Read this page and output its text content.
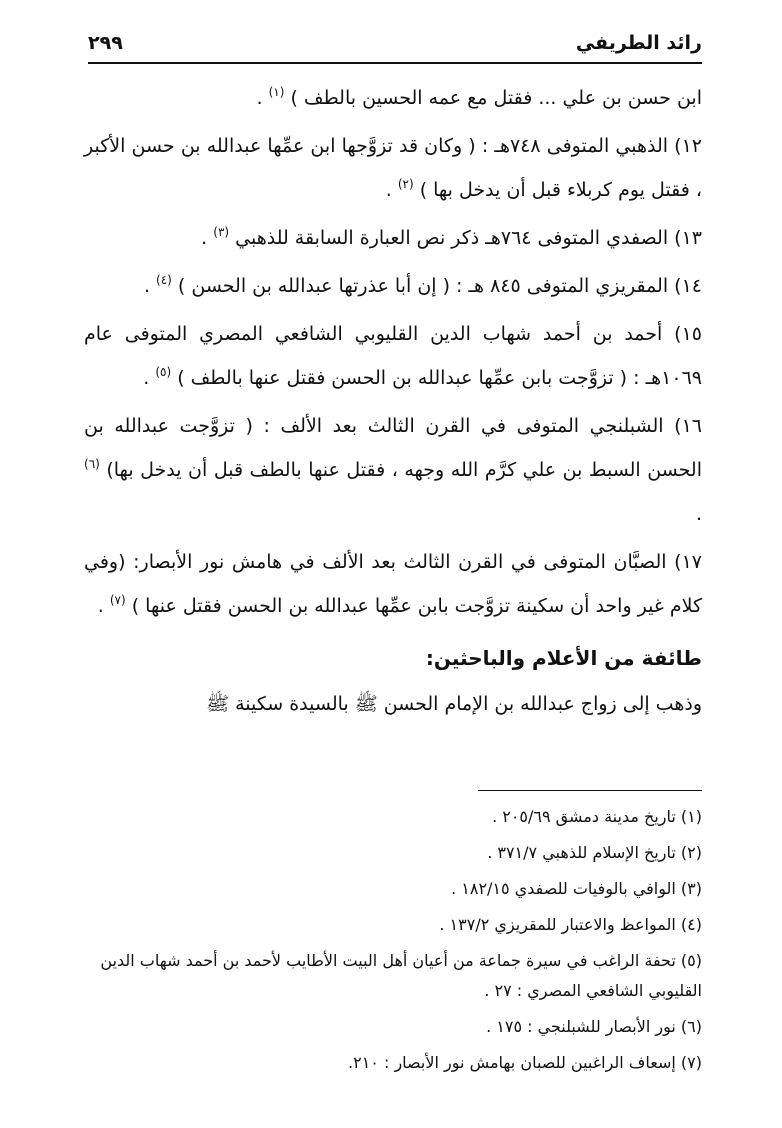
رائد الطريفي
٢٩٩

ابن حسن بن علي ... فقتل مع عمه الحسين بالطف ) $^{(١)}$ .

١٢) الذهبي المتوفى ٧٤٨هـ : ( وكان قد تزوَّجها ابن عمِّها عبدالله بن حسن الأكبر ، فقتل يوم كربلاء قبل أن يدخل بها ) $^{(٢)}$ .

١٣) الصفدي المتوفى ٧٦٤هـ ذكر نص العبارة السابقة للذهبي $^{(٣)}$ .

١٤) المقريزي المتوفى ٨٤٥ هـ : ( إن أبا عذرتها عبدالله بن الحسن ) $^{(٤)}$ .

١٥) أحمد بن أحمد شهاب الدين القليوبي الشافعي المصري المتوفى عام ١٠٦٩هـ : ( تزوَّجت بابن عمِّها عبدالله بن الحسن فقتل عنها بالطف ) $^{(٥)}$ .

١٦) الشبلنجي المتوفى في القرن الثالث بعد الألف : ( تزوَّجت عبدالله بن الحسن السبط بن علي كرَّم الله وجهه ، فقتل عنها بالطف قبل أن يدخل بها) $^{(٦)}$ .

١٧) الصبَّان المتوفى في القرن الثالث بعد الألف في هامش نور الأبصار: (وفي كلام غير واحد أن سكينة تزوَّجت بابن عمِّها عبدالله بن الحسن فقتل عنها ) $^{(٧)}$ .

طائفة من الأعلام والباحثين:

وذهب إلى زواج عبدالله بن الإمام الحسن ﷺ بالسيدة سكينة ﷺ

(١) تاريخ مدينة دمشق ٢٠٥/٦٩ .

(٢) تاريخ الإسلام للذهبي ٣٧١/٧ .

(٣) الوافي بالوفيات للصفدي ١٨٢/١٥ .

(٤) المواعظ والاعتبار للمقريزي ١٣٧/٢ .

(٥) تحفة الراغب في سيرة جماعة من أعيان أهل البيت الأطايب لأحمد بن أحمد شهاب الدين القليوبي الشافعي المصري : ٢٧ .

(٦) نور الأبصار للشبلنجي : ١٧٥ .

(٧) إسعاف الراغبين للصبان بهامش نور الأبصار : ٢١٠.
